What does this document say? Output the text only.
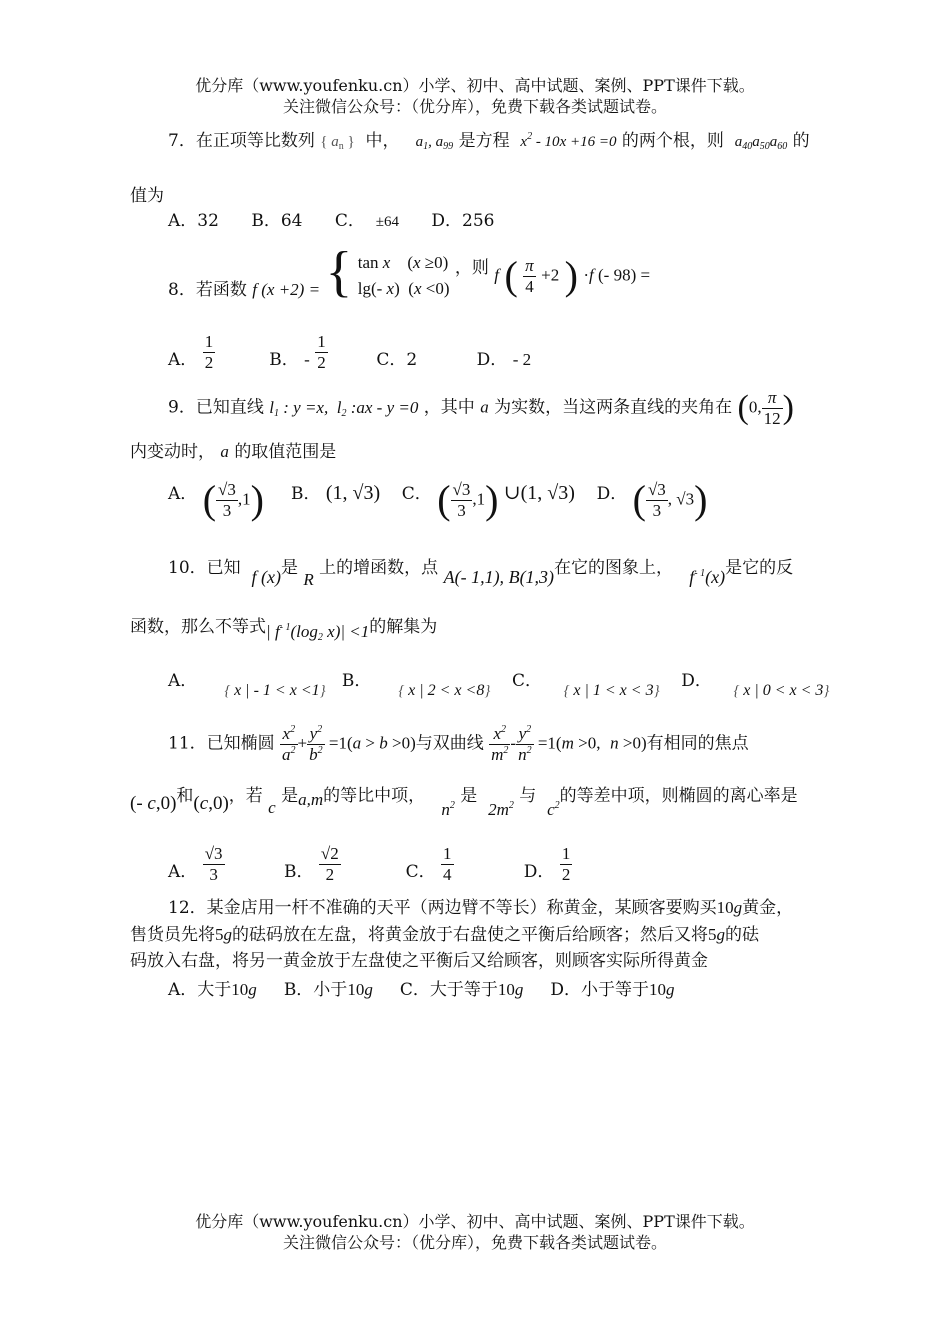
优分库（www.youfenku.cn）小学、初中、高中试题、案例、PPT课件下载。
关注微信公众号：（优分库），免费下载各类试题试卷。
7．在正项等比数列 { $a_n$ } 中， $a_1$, $a_{99}$ 是方程 $x^2 - 10x +16 =0$ 的两个根，则 $a_{40}a_{50}a_{60}$ 的
值为
A．32 B．64 C． ±64 D．256
8．若函数 f (x +2) = { tan x (x ≥0)
lg(- x) (x <0)
，则 f ( $\frac{\pi}{4} +2$ ) ·f (- 98) =
A． $\frac{1}{2}$	B． - $\frac{1}{2}$	C．2	D． - 2
9．已知直线 $l_1$ : y =x,  $l_2$ :ax - y =0 ，其中 a 为实数，当这两条直线的夹角在 (0, $\frac{\pi}{12}$ )
内变动时， a 的取值范围是
A． ( $\frac{√3}{3} ,1$) B． (1, √3) C． ( $\frac{√3}{3} ,1$) ∪(1, √3) D． ( $\frac{√3}{3}$ , √3)
10．已知 f (x)是 R 上的增函数，点 A(- 1,1), B(1,3)在它的图象上， $f^{- 1}(x)$是它的反
函数，那么不等式| $f^{- 1}(\log_2$ x)| <1的解集为
A． { x | - 1 < x <1} B． { x | 2 < x <8} C． { x | 1 < x < 3} D． { x | 0 < x < 3}
11．已知椭圆 $\frac{x^2}{a^2} + \frac{y^2}{b^2} =1(a > b >0)$与双曲线 $\frac{x^2}{m^2} - \frac{y^2}{n^2} =1(m >0$,  n >0)有相同的焦点
(- c,0)和(c,0)，若 c 是a,m的等比中项，   $n^2$ 是  $2m^2$ 与  $c^2$的等差中项，则椭圆的离心率是
A． $\frac{√3}{3}$	B． $\frac{√2}{2}$	C． $\frac{1}{4}$	D． $\frac{1}{2}$
12．某金店用一杆不准确的天平（两边臂不等长）称黄金，某顾客要购买10g黄金，
售货员先将5g的砝码放在左盘，将黄金放于右盘使之平衡后给顾客；然后又将5g的砝
码放入右盘，将另一黄金放于左盘使之平衡后又给顾客，则顾客实际所得黄金
A．大于10g B．小于10g C．大于等于10g D．小于等于10g
优分库（www.youfenku.cn）小学、初中、高中试题、案例、PPT课件下载。
关注微信公众号：（优分库），免费下载各类试题试卷。
